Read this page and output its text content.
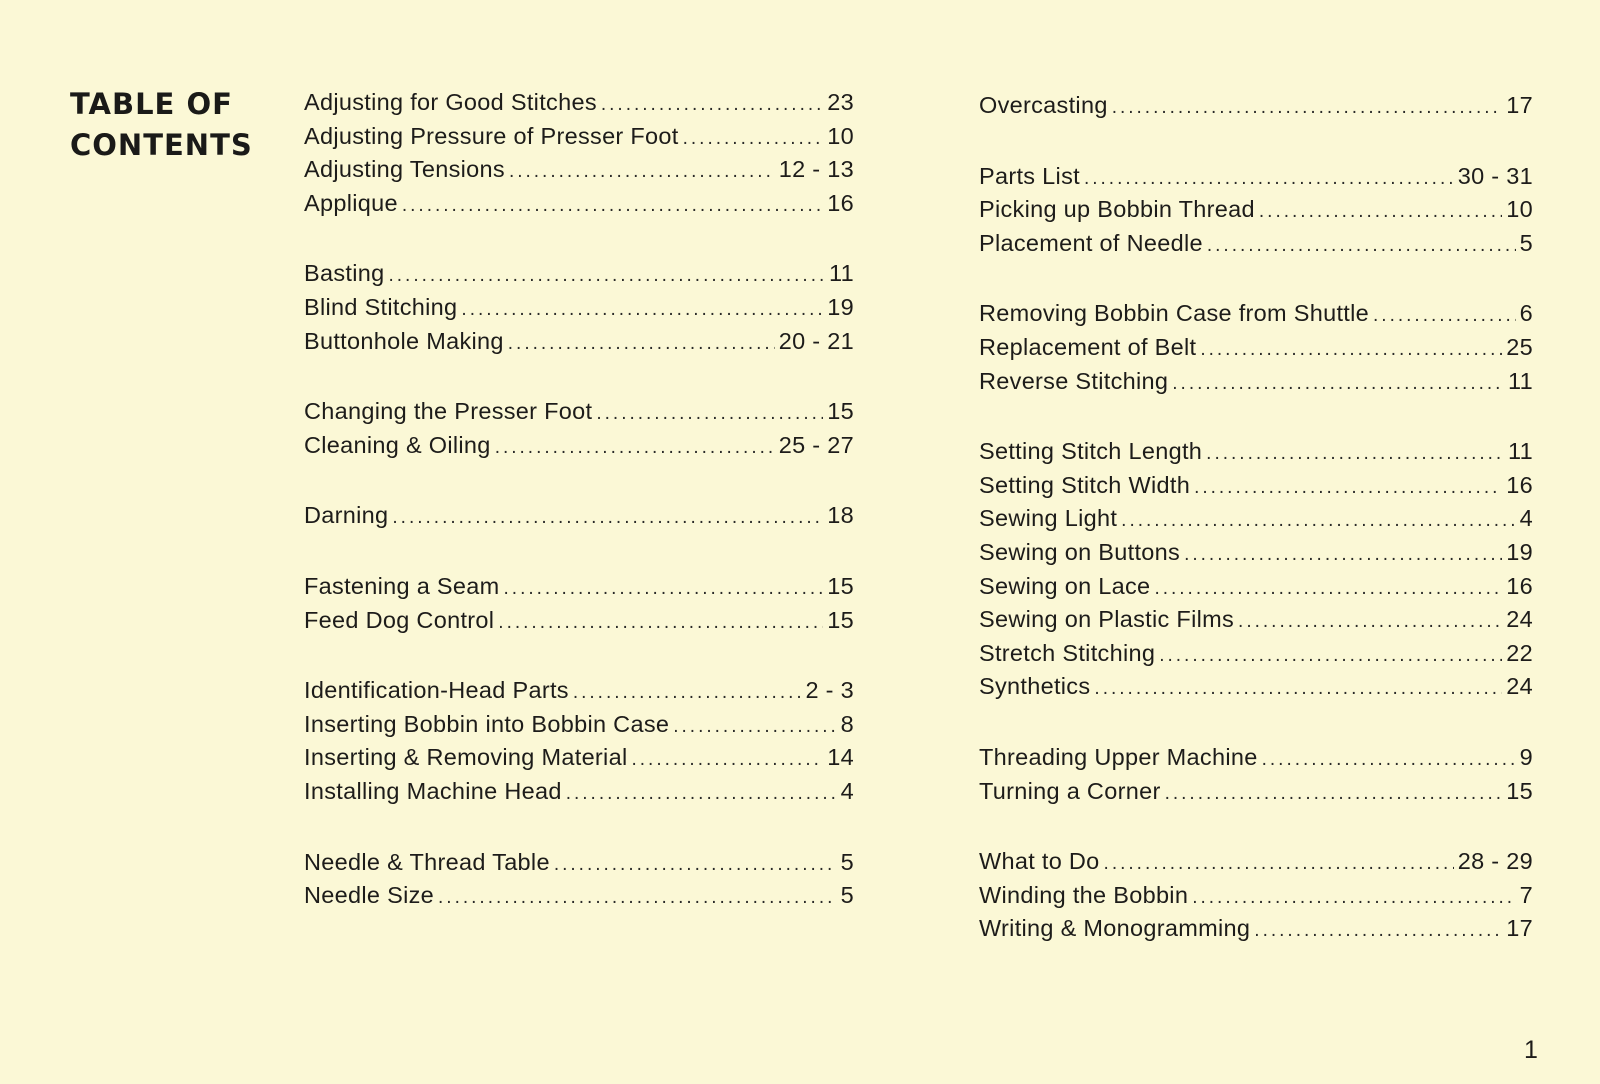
TABLE OF
CONTENTS
Adjusting for Good Stitches .....	23
Adjusting Pressure of Presser Foot .....	10
Adjusting Tensions .....	12 - 13
Applique .....	16
Basting .....	11
Blind Stitching .....	19
Buttonhole Making .....	20 - 21
Changing the Presser Foot .....	15
Cleaning & Oiling .....	25 - 27
Darning .....	18
Fastening a Seam .....	15
Feed Dog Control .....	15
Identification-Head Parts .....	2 - 3
Inserting Bobbin into Bobbin Case .....	8
Inserting & Removing Material .....	14
Installing Machine Head .....	4
Needle & Thread Table .....	5
Needle Size .....	5
Overcasting .....	17
Parts List .....	30 - 31
Picking up Bobbin Thread .....	10
Placement of Needle .....	5
Removing Bobbin Case from Shuttle .....	6
Replacement of Belt .....	25
Reverse Stitching .....	11
Setting Stitch Length .....	11
Setting Stitch Width .....	16
Sewing Light .....	4
Sewing on Buttons .....	19
Sewing on Lace .....	16
Sewing on Plastic Films .....	24
Stretch Stitching .....	22
Synthetics .....	24
Threading Upper Machine .....	9
Turning a Corner .....	15
What to Do .....	28 - 29
Winding the Bobbin .....	7
Writing & Monogramming .....	17
1
